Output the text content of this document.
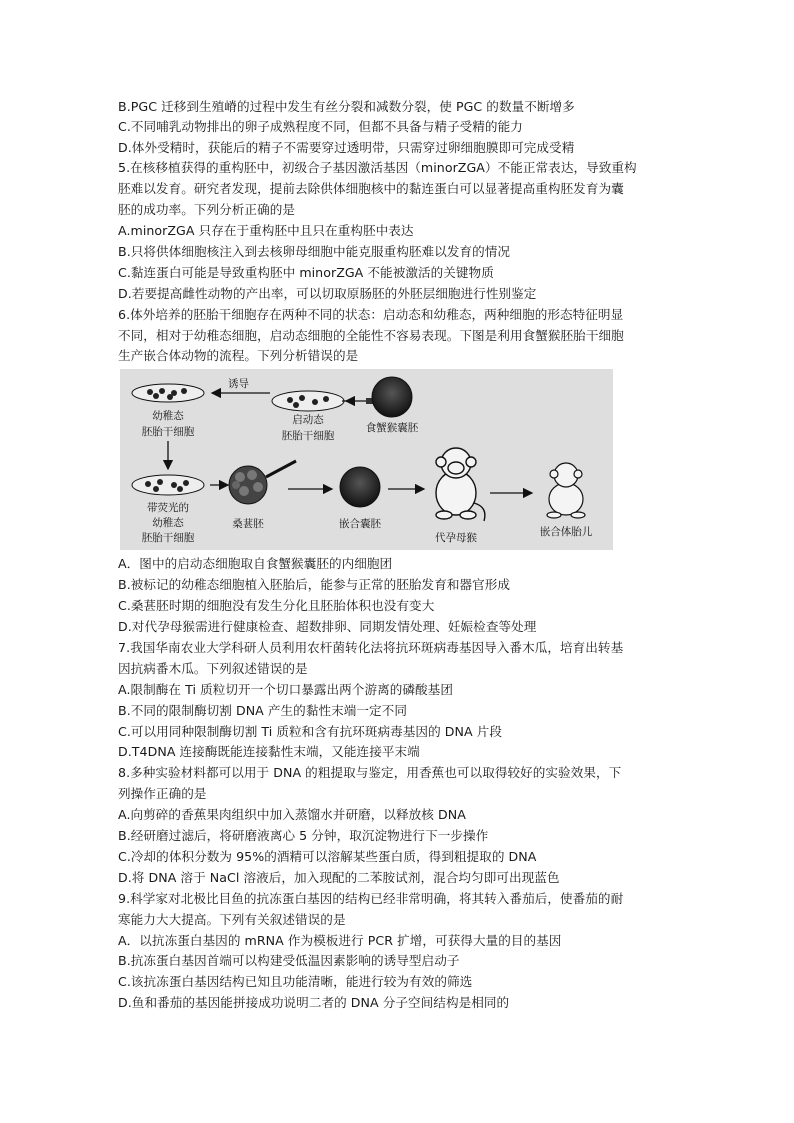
B.PGC 迁移到生殖嵴的过程中发生有丝分裂和减数分裂，使 PGC 的数量不断增多
C.不同哺乳动物排出的卵子成熟程度不同，但都不具备与精子受精的能力
D.体外受精时，获能后的精子不需要穿过透明带，只需穿过卵细胞膜即可完成受精
5.在核移植获得的重构胚中，初级合子基因激活基因（minorZGA）不能正常表达，导致重构
胚难以发育。研究者发现，提前去除供体细胞核中的黏连蛋白可以显著提高重构胚发育为囊
胚的成功率。下列分析正确的是
A.minorZGA 只存在于重构胚中且只在重构胚中表达
B.只将供体细胞核注入到去核卵母细胞中能克服重构胚难以发育的情况
C.黏连蛋白可能是导致重构胚中 minorZGA 不能被激活的关键物质
D.若要提高雌性动物的产出率，可以切取原肠胚的外胚层细胞进行性别鉴定
6.体外培养的胚胎干细胞存在两种不同的状态：启动态和幼稚态，两种细胞的形态特征明显
不同，相对于幼稚态细胞，启动态细胞的全能性不容易表现。下图是利用食蟹猴胚胎干细胞
生产嵌合体动物的流程。下列分析错误的是
幼稚态
胚胎干细胞
诱导
启动态
胚胎干细胞
食蟹猴囊胚
带荧光的
幼稚态
胚胎干细胞
桑葚胚	嵌合囊胚
代孕母猴	嵌合体胎儿
A．图中的启动态细胞取自食蟹猴囊胚的内细胞团
B.被标记的幼稚态细胞植入胚胎后，能参与正常的胚胎发育和器官形成
C.桑葚胚时期的细胞没有发生分化且胚胎体积也没有变大
D.对代孕母猴需进行健康检查、超数排卵、同期发情处理、妊娠检查等处理
7.我国华南农业大学科研人员利用农杆菌转化法将抗环斑病毒基因导入番木瓜，培育出转基
因抗病番木瓜。下列叙述错误的是
A.限制酶在 Ti 质粒切开一个切口暴露出两个游离的磷酸基团
B.不同的限制酶切割 DNA 产生的黏性末端一定不同
C.可以用同种限制酶切割 Ti 质粒和含有抗环斑病毒基因的 DNA 片段
D.T4DNA 连接酶既能连接黏性末端，又能连接平末端
8.多种实验材料都可以用于 DNA 的粗提取与鉴定，用香蕉也可以取得较好的实验效果，下
列操作正确的是
A.向剪碎的香蕉果肉组织中加入蒸馏水并研磨，以释放核 DNA
B.经研磨过滤后，将研磨液离心 5 分钟，取沉淀物进行下一步操作
C.冷却的体积分数为 95%的酒精可以溶解某些蛋白质，得到粗提取的 DNA
D.将 DNA 溶于 NaCl 溶液后，加入现配的二苯胺试剂，混合均匀即可出现蓝色
9.科学家对北极比目鱼的抗冻蛋白基因的结构已经非常明确，将其转入番茄后，使番茄的耐
寒能力大大提高。下列有关叙述错误的是
A．以抗冻蛋白基因的 mRNA 作为模板进行 PCR 扩增，可获得大量的目的基因
B.抗冻蛋白基因首端可以构建受低温因素影响的诱导型启动子
C.该抗冻蛋白基因结构已知且功能清晰，能进行较为有效的筛选
D.鱼和番茄的基因能拼接成功说明二者的 DNA 分子空间结构是相同的
